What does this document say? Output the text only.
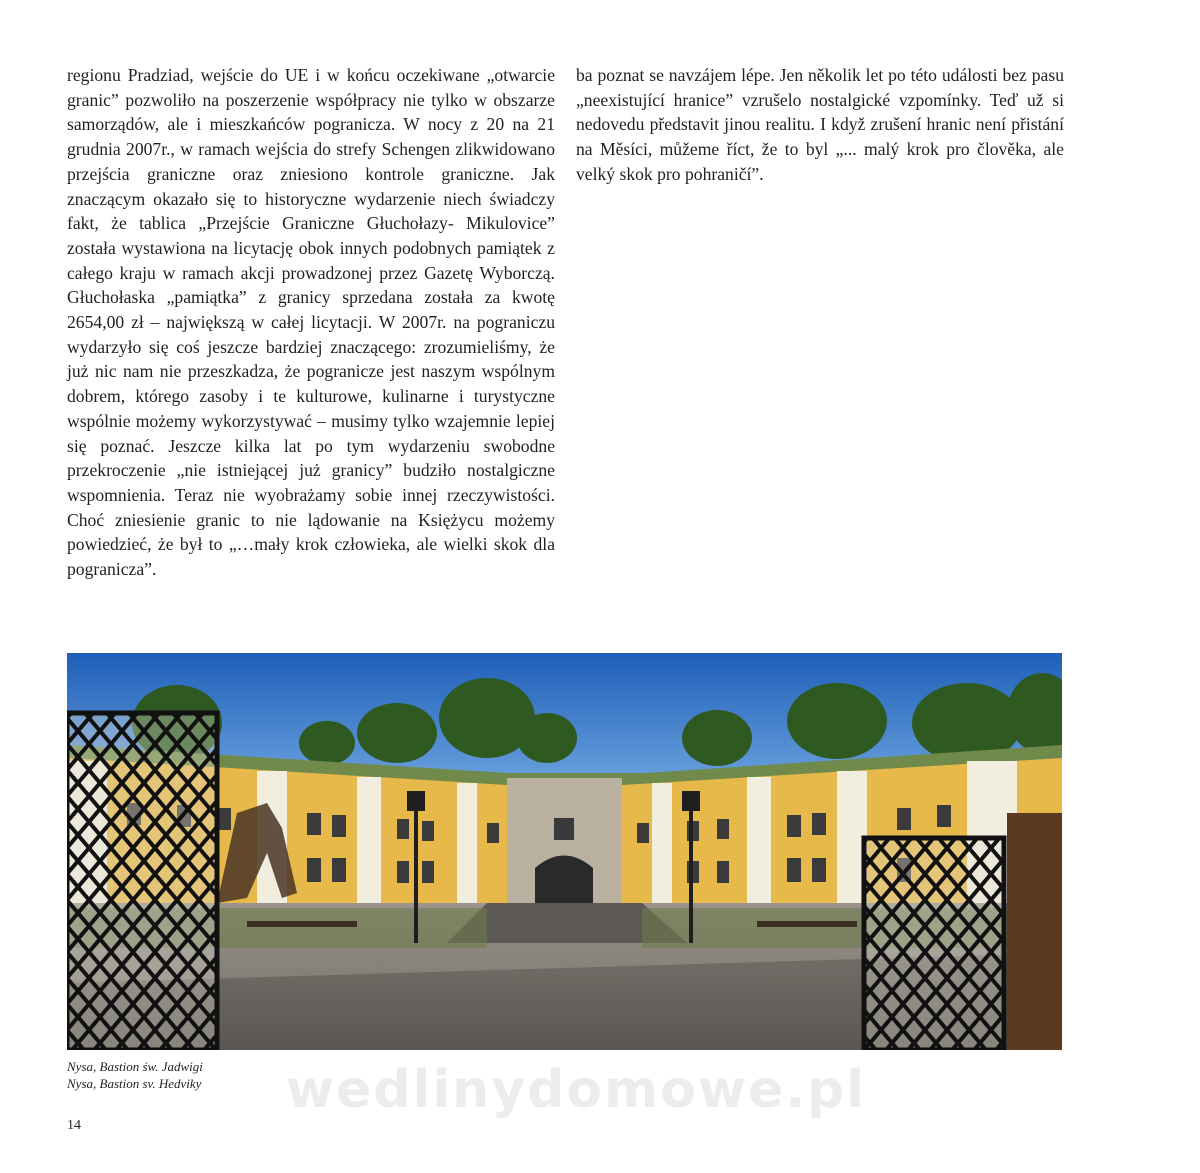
regionu Pradziad, wejście do UE i w końcu oczekiwane „otwarcie granic” pozwoliło na poszerzenie współpracy nie tylko w obszarze samorządów, ale i mieszkańców pogranicza. W nocy z 20 na 21 grudnia 2007r., w ramach wejścia do strefy Schengen zlikwidowano przejścia graniczne oraz zniesiono kontrole graniczne. Jak znaczącym okazało się to historyczne wydarzenie niech świadczy fakt, że tablica „Przejście Graniczne Głuchołazy- Mikulovice” została wystawiona na licytację obok innych podobnych pamiątek z całego kraju w ramach akcji prowadzonej przez Gazetę Wyborczą. Głuchołaska „pamiątka” z granicy sprzedana została za kwotę 2654,00 zł – największą w całej licytacji. W 2007r. na pograniczu wydarzyło się coś jeszcze bardziej znaczącego: zrozumieliśmy, że już nic nam nie przeszkadza, że pogranicze jest naszym wspólnym dobrem, którego zasoby i te kulturowe, kulinarne i turystyczne wspólnie możemy wykorzystywać – musimy tylko wzajemnie lepiej się poznać. Jeszcze kilka lat po tym wydarzeniu swobodne przekroczenie „nie istniejącej już granicy” budziło nostalgiczne wspomnienia. Teraz nie wyobrażamy sobie innej rzeczywistości. Choć zniesienie granic to nie lądowanie na Księżycu możemy powiedzieć, że był to „…mały krok człowieka, ale wielki skok dla pogranicza”.

ba poznat se navzájem lépe. Jen několik let po této události bez pasu „neexistující hranice” vzrušelo nostalgické vzpomínky. Teď už si nedovedu představit jinou realitu. I když zrušení hranic není přistání na Měsíci, můžeme říct, že to byl „... malý krok pro člověka, ale velký skok pro pohraničí”.

Nysa, Bastion św. Jadwigi
Nysa, Bastion sv. Hedviky wedlinydomowe.pl
14
